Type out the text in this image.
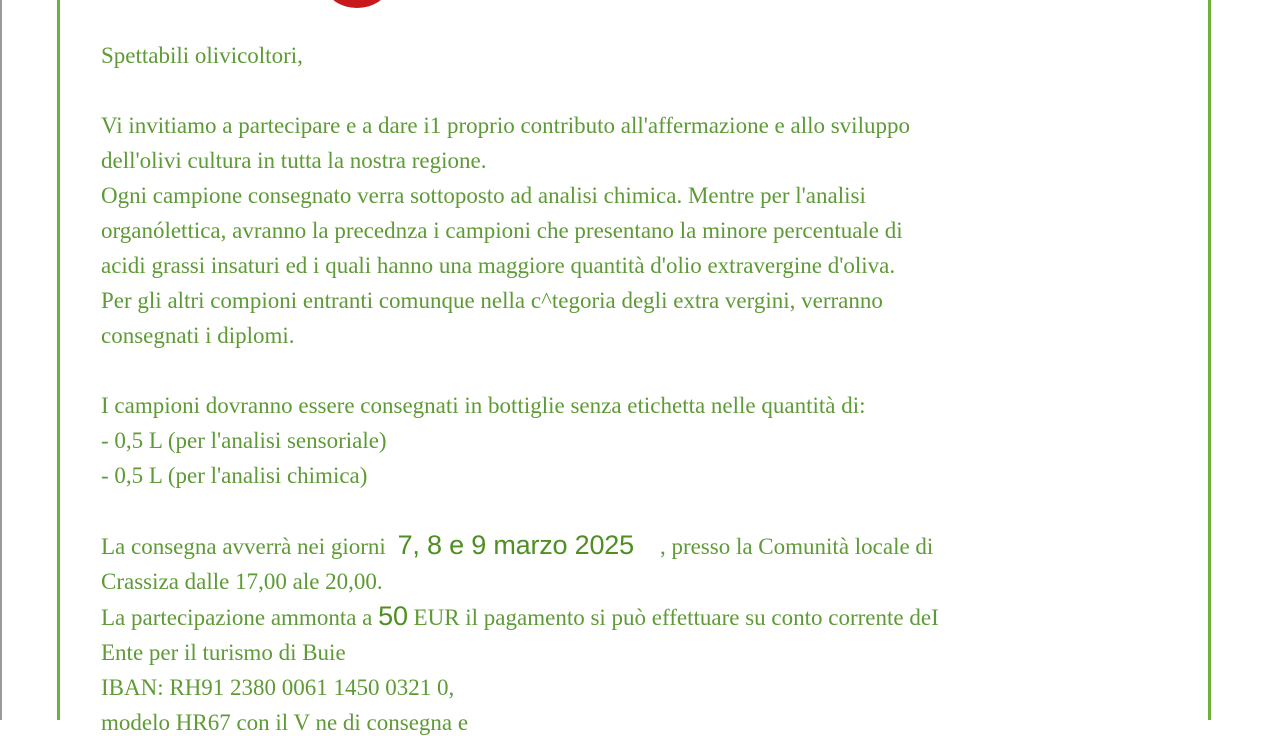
Spettabili olivicoltori,

Vi invitiamo a partecipare e a dare i1 proprio contributo all'affermazione e allo sviluppo

dell'olivi cultura in tutta la nostra regione.

Ogni campione consegnato verra sottoposto ad analisi chimica. Mentre per l'analisi

organólettica, avranno la precednza i campioni che presentano la minore percentuale di

acidi grassi insaturi ed i quali hanno una maggiore quantità d'olio extravergine d'oliva.

Per gli altri compioni entranti comunque nella c^tegoria degli extra vergini, verranno

consegnati i diplomi.

I campioni dovranno essere consegnati in bottiglie senza etichetta nelle quantità di:

- 0,5 L (per l'analisi sensoriale)

- 0,5 L (per l'analisi chimica)

La consegna avverrà nei giorni 7, 8 e 9 marzo 2025 , presso la Comunità locale di

Crassiza dalle 17,00 ale 20,00.

La partecipazione ammonta a 50 EUR il pagamento si può effettuare su conto corrente deI

Ente per il turismo di Buie

IBAN: RH91 2380 0061 1450 0321 0,

modelo HR67 con il V ne di consegna e
